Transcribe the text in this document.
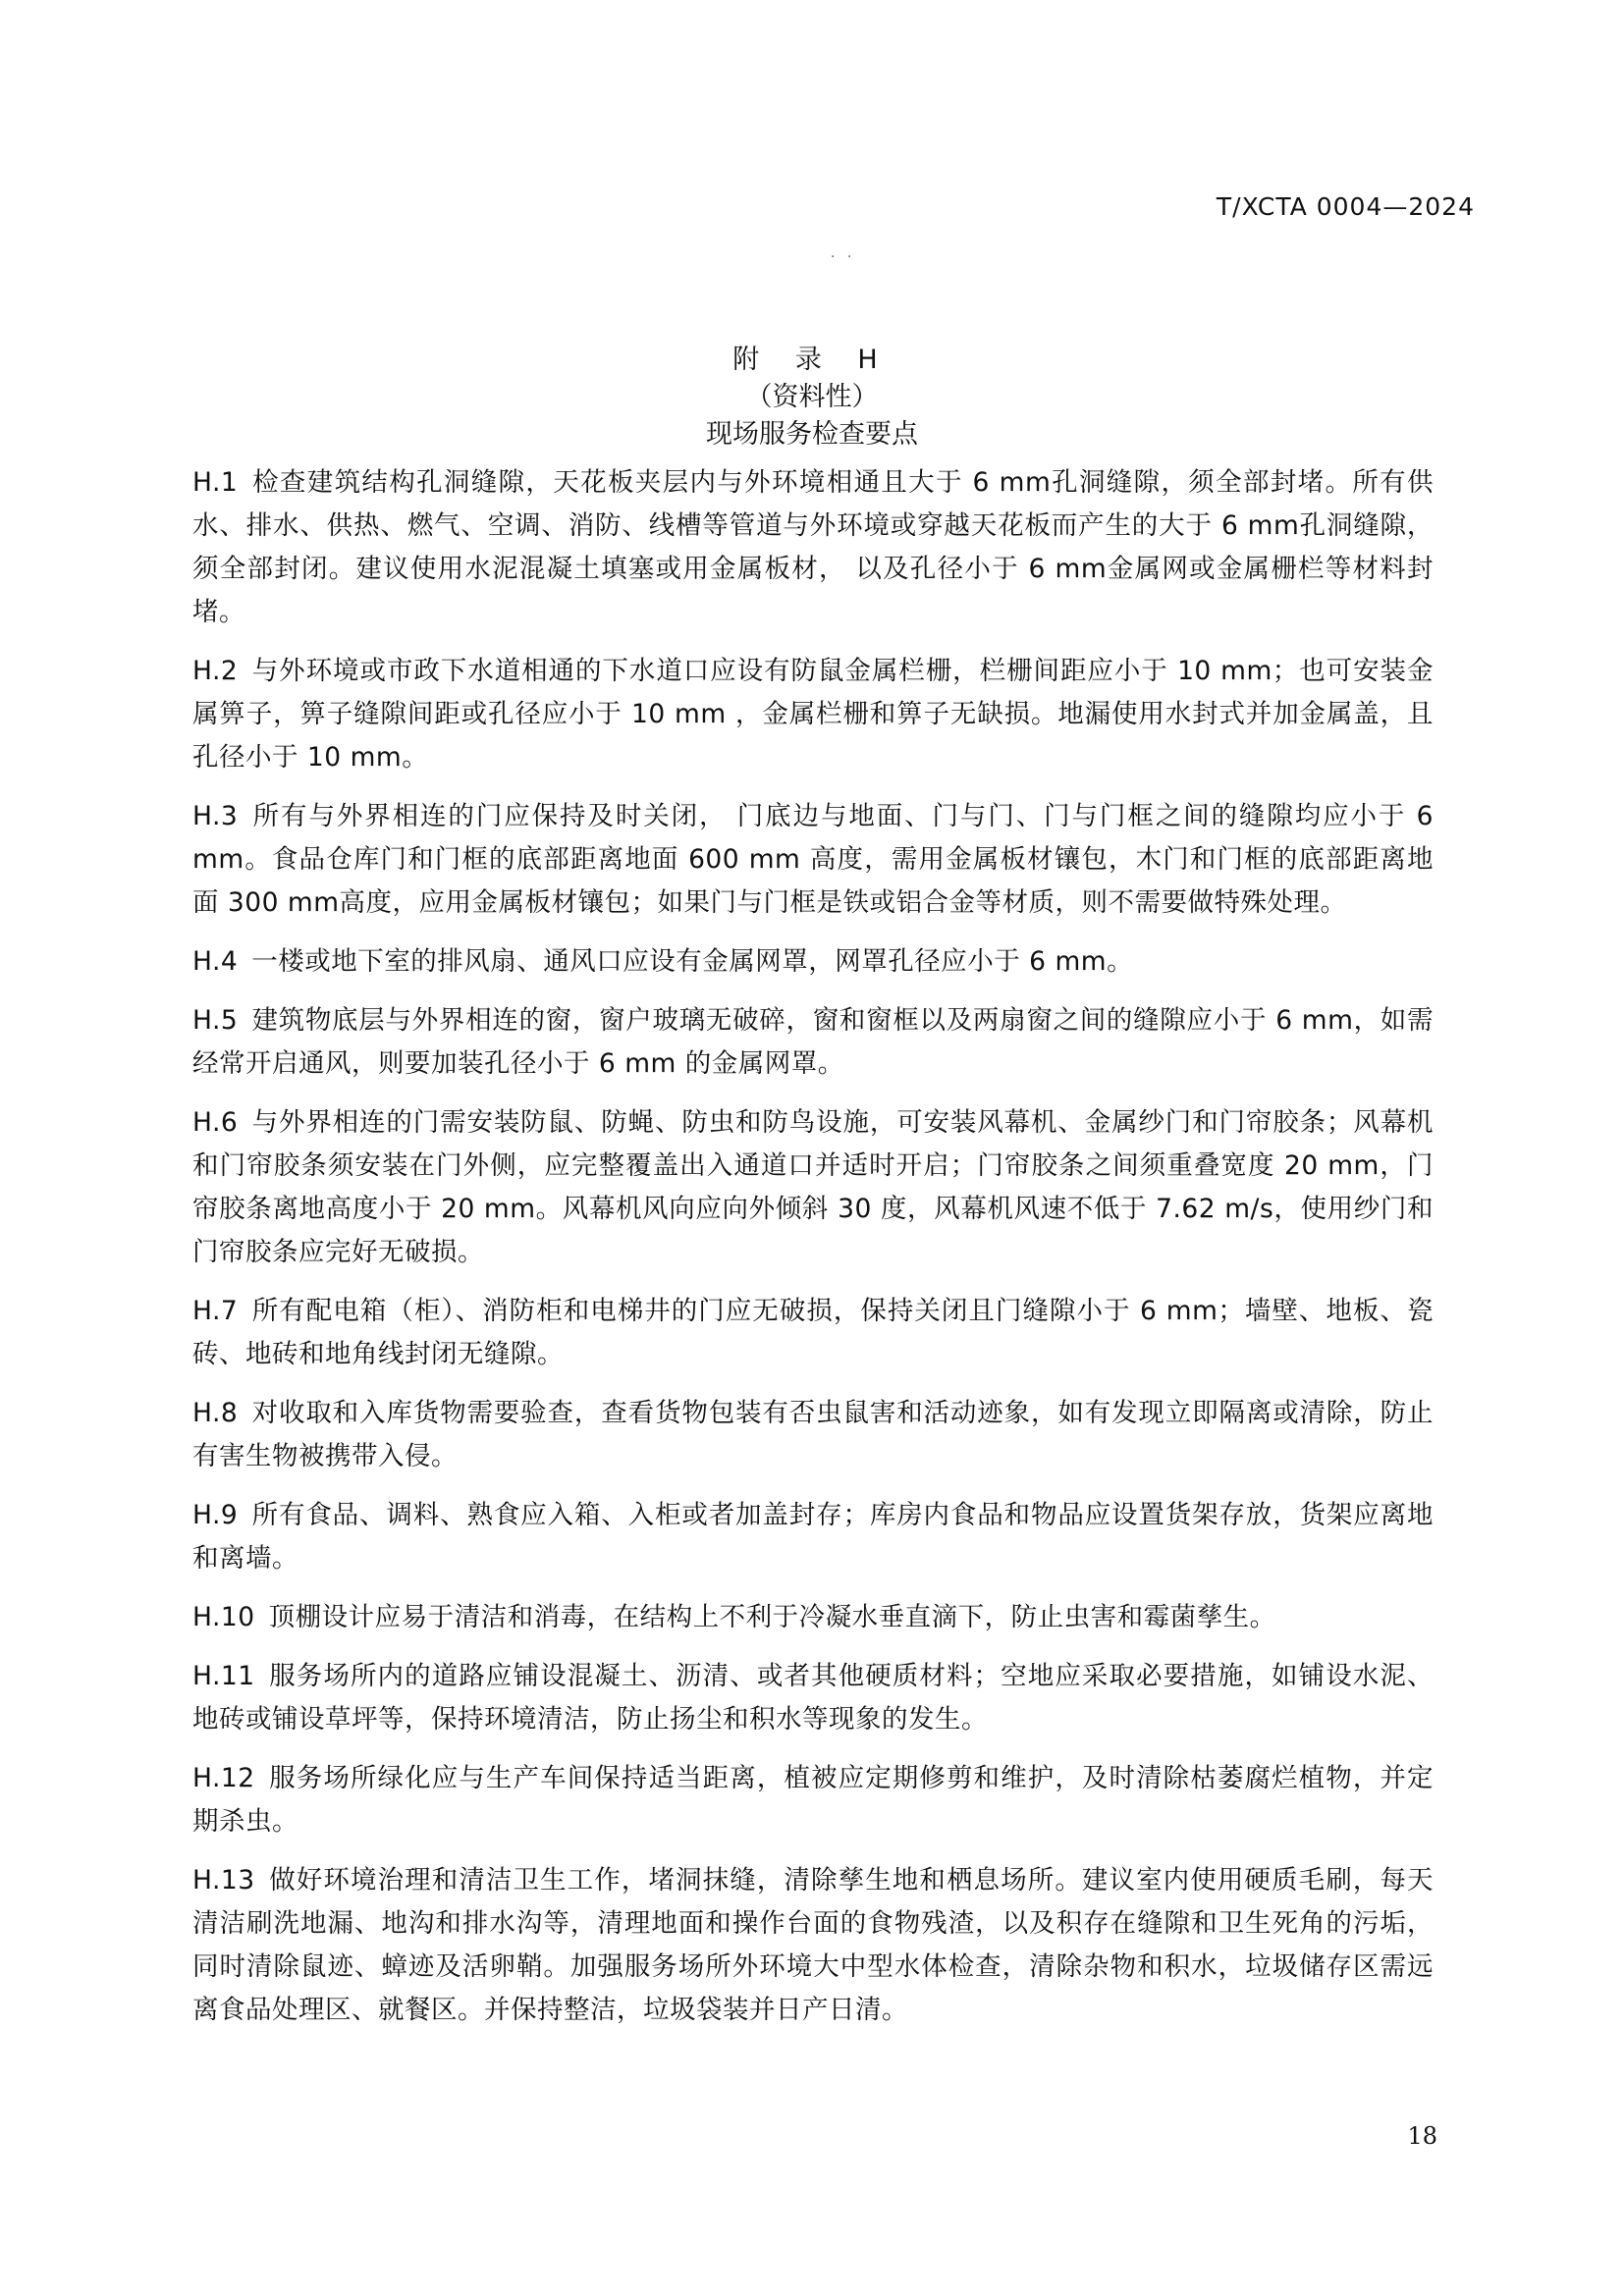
T/XCTA 0004—2024
. .

附 录 H

（资料性）

现场服务检查要点

H.1 检查建筑结构孔洞缝隙，天花板夹层内与外环境相通且大于 6 mm孔洞缝隙，须全部封堵。所有供 水、排水、供热、燃气、空调、消防、线槽等管道与外环境或穿越天花板而产生的大于 6 mm孔洞缝隙， 须全部封闭。建议使用水泥混凝土填塞或用金属板材， 以及孔径小于 6 mm金属网或金属栅栏等材料封堵。

H.2 与外环境或市政下水道相通的下水道口应设有防鼠金属栏栅，栏栅间距应小于 10 mm；也可安装金属箅子，箅子缝隙间距或孔径应小于 10 mm ，金属栏栅和箅子无缺损。地漏使用水封式并加金属盖，且孔径小于 10 mm。

H.3 所有与外界相连的门应保持及时关闭， 门底边与地面、门与门、门与门框之间的缝隙均应小于 6 mm。食品仓库门和门框的底部距离地面 600 mm 高度，需用金属板材镶包，木门和门框的底部距离地面 300 mm高度，应用金属板材镶包；如果门与门框是铁或铝合金等材质，则不需要做特殊处理。

H.4 一楼或地下室的排风扇、通风口应设有金属网罩，网罩孔径应小于 6 mm。

H.5 建筑物底层与外界相连的窗，窗户玻璃无破碎，窗和窗框以及两扇窗之间的缝隙应小于 6 mm，如需经常开启通风，则要加装孔径小于 6 mm 的金属网罩。

H.6 与外界相连的门需安装防鼠、防蝇、防虫和防鸟设施，可安装风幕机、金属纱门和门帘胶条；风幕机和门帘胶条须安装在门外侧，应完整覆盖出入通道口并适时开启；门帘胶条之间须重叠宽度 20 mm，门帘胶条离地高度小于 20 mm。风幕机风向应向外倾斜 30 度，风幕机风速不低于 7.62 m/s，使用纱门和门帘胶条应完好无破损。

H.7 所有配电箱（柜）、消防柜和电梯井的门应无破损，保持关闭且门缝隙小于 6 mm；墙壁、地板、瓷砖、地砖和地角线封闭无缝隙。

H.8 对收取和入库货物需要验查，查看货物包装有否虫鼠害和活动迹象，如有发现立即隔离或清除，防止有害生物被携带入侵。

H.9 所有食品、调料、熟食应入箱、入柜或者加盖封存；库房内食品和物品应设置货架存放，货架应离地和离墙。

H.10 顶棚设计应易于清洁和消毒，在结构上不利于冷凝水垂直滴下，防止虫害和霉菌孳生。

H.11 服务场所内的道路应铺设混凝土、沥清、或者其他硬质材料；空地应采取必要措施，如铺设水泥、地砖或铺设草坪等，保持环境清洁，防止扬尘和积水等现象的发生。

H.12 服务场所绿化应与生产车间保持适当距离，植被应定期修剪和维护，及时清除枯萎腐烂植物，并定期杀虫。

H.13 做好环境治理和清洁卫生工作，堵洞抹缝，清除孳生地和栖息场所。建议室内使用硬质毛刷，每天清洁刷洗地漏、地沟和排水沟等，清理地面和操作台面的食物残渣，以及积存在缝隙和卫生死角的污垢，同时清除鼠迹、蟑迹及活卵鞘。加强服务场所外环境大中型水体检查，清除杂物和积水，垃圾储存区需远离食品处理区、就餐区。并保持整洁，垃圾袋装并日产日清。

18
